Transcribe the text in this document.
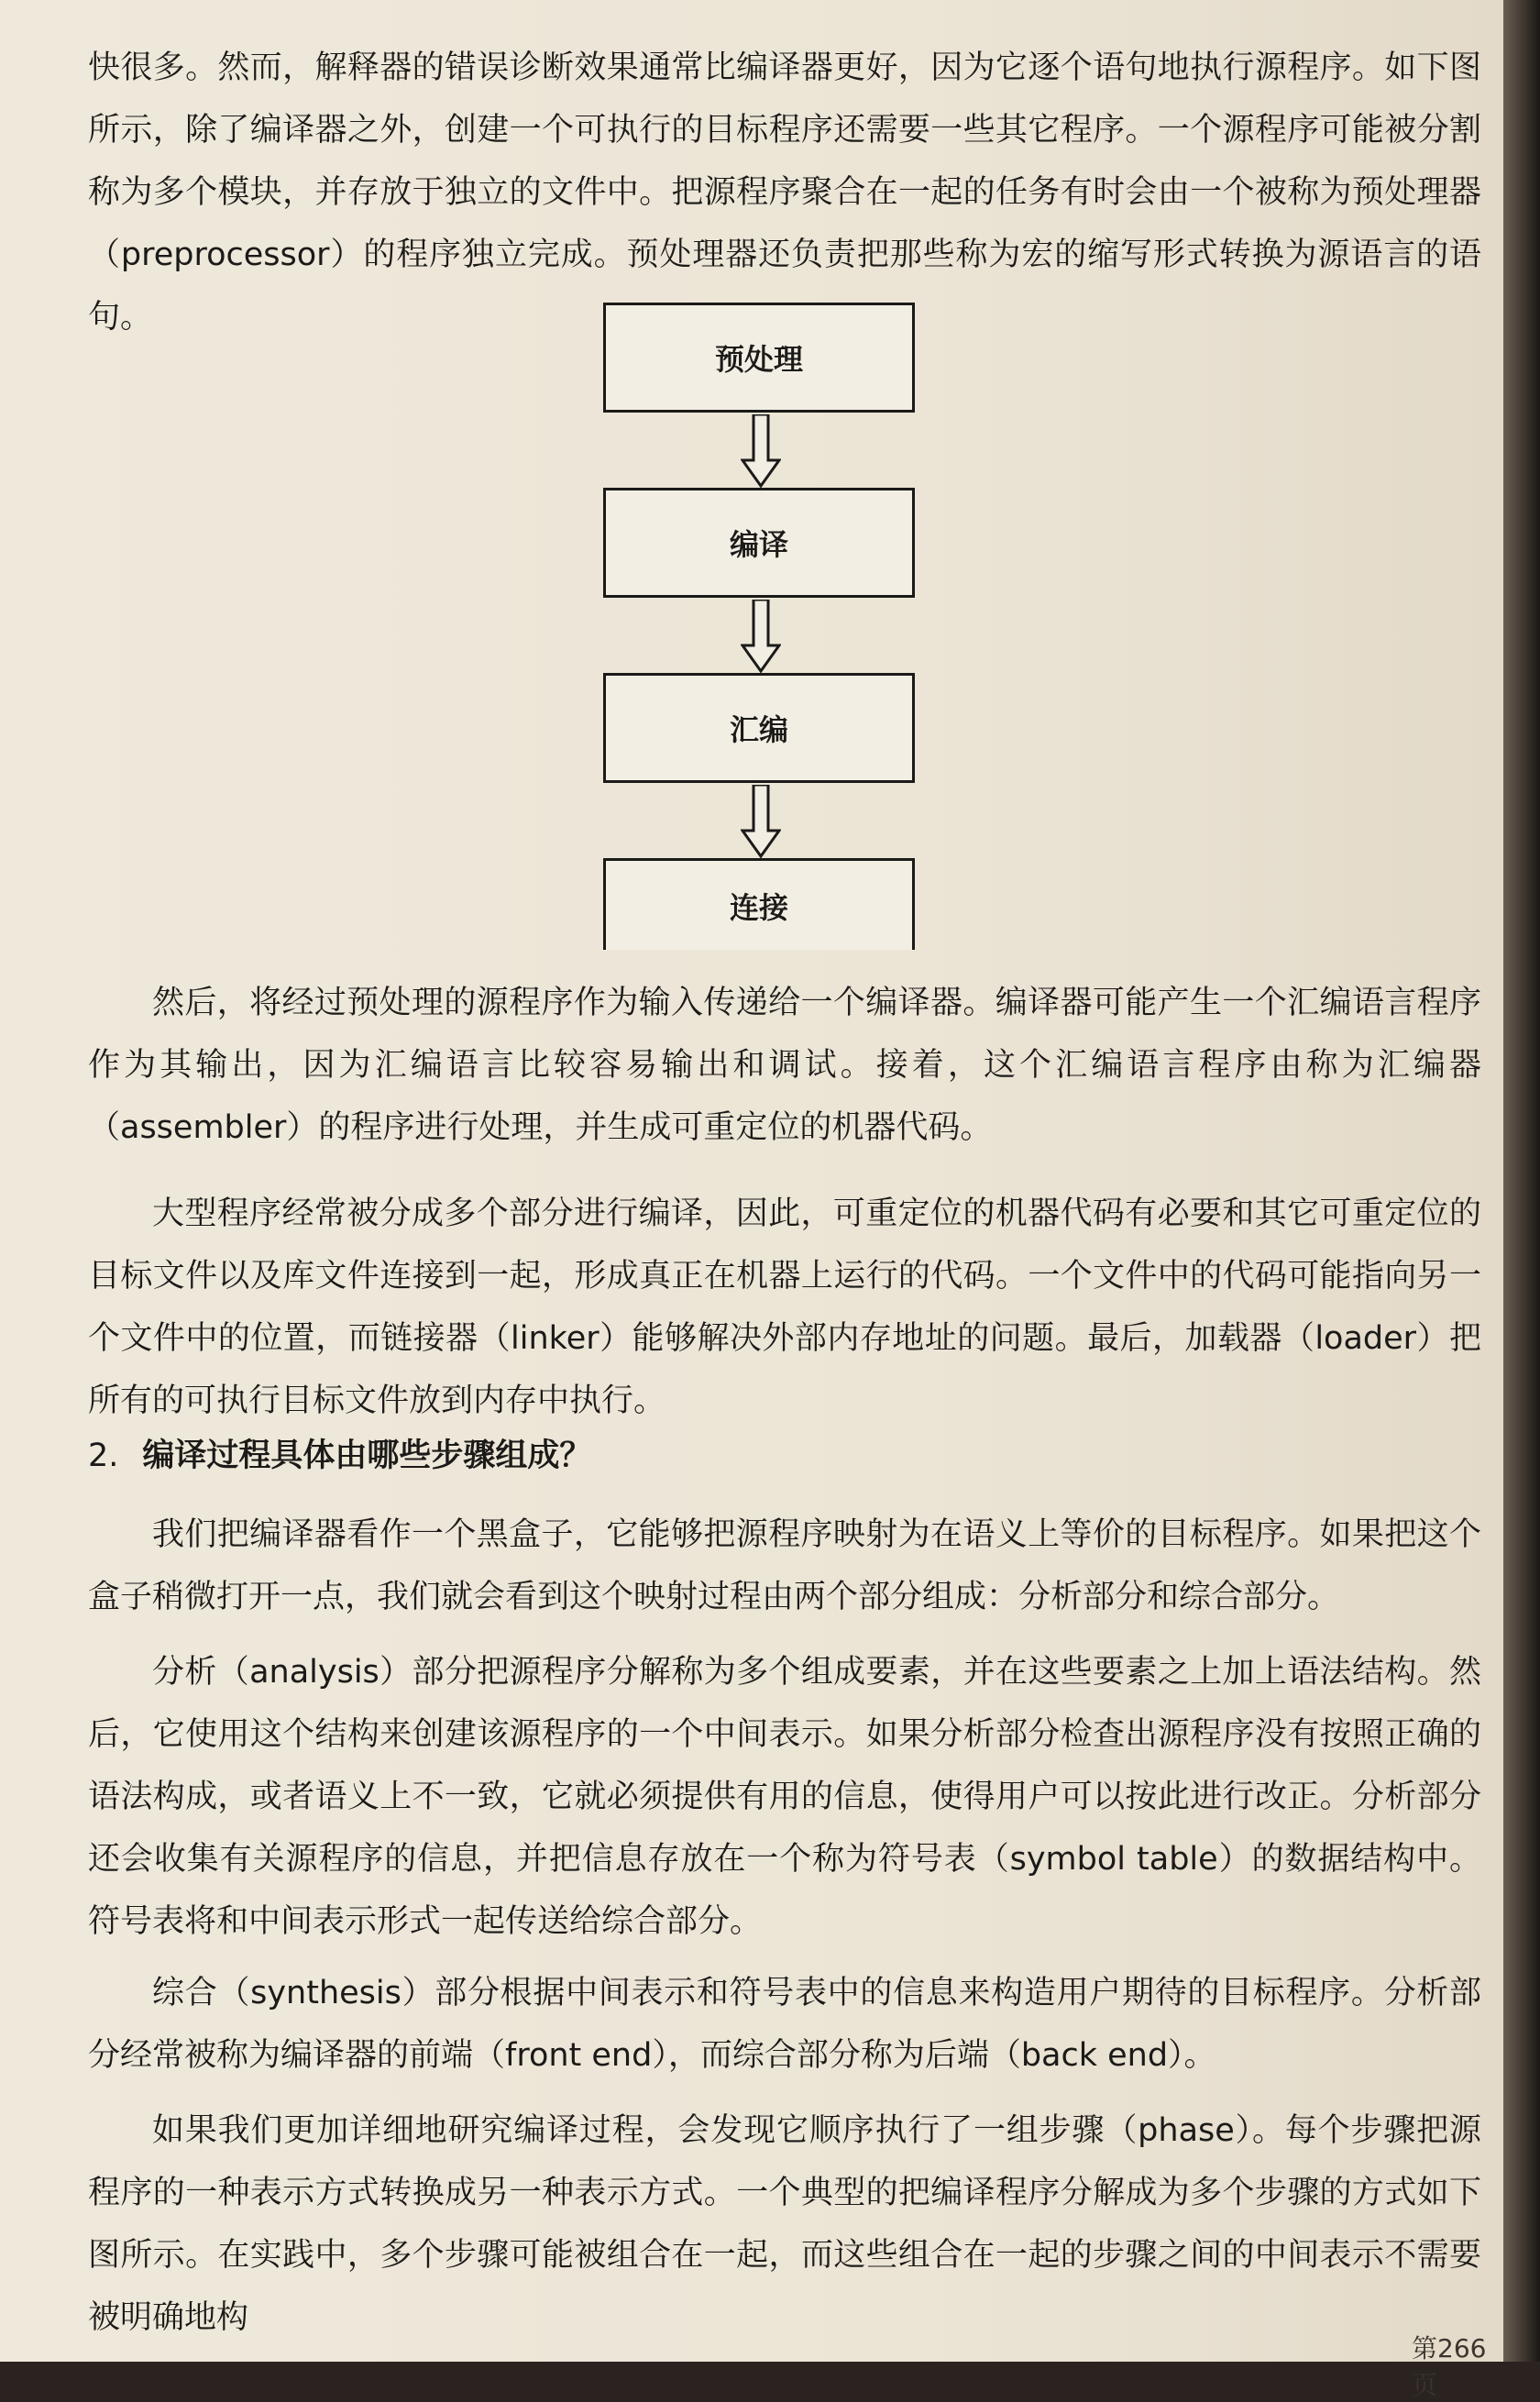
快很多。然而，解释器的错误诊断效果通常比编译器更好，因为它逐个语句地执行源程序。如下图所示，除了编译器之外，创建一个可执行的目标程序还需要一些其它程序。一个源程序可能被分割称为多个模块，并存放于独立的文件中。把源程序聚合在一起的任务有时会由一个被称为预处理器（preprocessor）的程序独立完成。预处理器还负责把那些称为宏的缩写形式转换为源语言的语句。

预处理
编译
汇编
连接

然后，将经过预处理的源程序作为输入传递给一个编译器。编译器可能产生一个汇编语言程序作为其输出，因为汇编语言比较容易输出和调试。接着，这个汇编语言程序由称为汇编器（assembler）的程序进行处理，并生成可重定位的机器代码。

大型程序经常被分成多个部分进行编译，因此，可重定位的机器代码有必要和其它可重定位的目标文件以及库文件连接到一起，形成真正在机器上运行的代码。一个文件中的代码可能指向另一个文件中的位置，而链接器（linker）能够解决外部内存地址的问题。最后，加载器（loader）把所有的可执行目标文件放到内存中执行。

2. 编译过程具体由哪些步骤组成？

我们把编译器看作一个黑盒子，它能够把源程序映射为在语义上等价的目标程序。如果把这个盒子稍微打开一点，我们就会看到这个映射过程由两个部分组成：分析部分和综合部分。

分析（analysis）部分把源程序分解称为多个组成要素，并在这些要素之上加上语法结构。然后，它使用这个结构来创建该源程序的一个中间表示。如果分析部分检查出源程序没有按照正确的语法构成，或者语义上不一致，它就必须提供有用的信息，使得用户可以按此进行改正。分析部分还会收集有关源程序的信息，并把信息存放在一个称为符号表（symbol table）的数据结构中。符号表将和中间表示形式一起传送给综合部分。

综合（synthesis）部分根据中间表示和符号表中的信息来构造用户期待的目标程序。分析部分经常被称为编译器的前端（front end），而综合部分称为后端（back end）。

如果我们更加详细地研究编译过程，会发现它顺序执行了一组步骤（phase）。每个步骤把源程序的一种表示方式转换成另一种表示方式。一个典型的把编译程序分解成为多个步骤的方式如下图所示。在实践中，多个步骤可能被组合在一起，而这些组合在一起的步骤之间的中间表示不需要被明确地构

第266页
